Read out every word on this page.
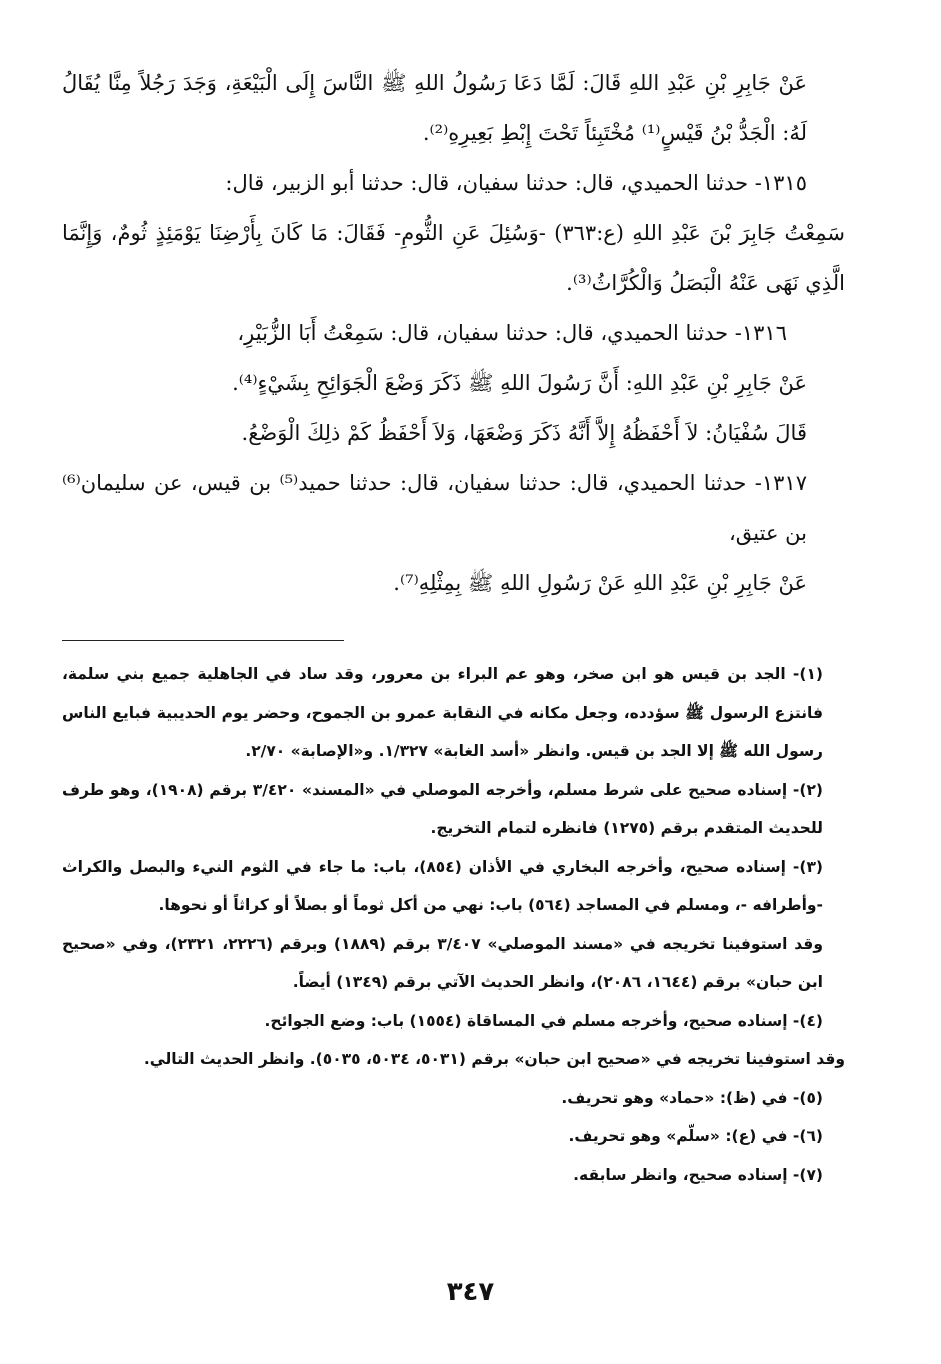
عَنْ جَابِرِ بْنِ عَبْدِ اللهِ قَالَ: لَمَّا دَعَا رَسُولُ اللهِ ﷺ النَّاسَ إِلَى الْبَيْعَةِ، وَجَدَ رَجُلاً مِنَّا يُقَالُ لَهُ: الْجَدُّ بْنُ قَيْسٍ⁽¹⁾ مُخْتَبِئاً تَحْتَ إِبْطِ بَعِيرِهِ⁽²⁾.

١٣١٥- حدثنا الحميدي، قال: حدثنا سفيان، قال: حدثنا أبو الزبير، قال:

سَمِعْتُ جَابِرَ بْنَ عَبْدِ اللهِ (ع:٣٦٣) -وَسُئِلَ عَنِ الثُّومِ- فَقَالَ: مَا كَانَ بِأَرْضِنَا يَوْمَئِذٍ ثُومٌ، وَإِنَّمَا الَّذِي نَهَى عَنْهُ الْبَصَلُ وَالْكُرَّاثُ⁽³⁾.

١٣١٦- حدثنا الحميدي، قال: حدثنا سفيان، قال: سَمِعْتُ أَبَا الزُّبَيْرِ،

عَنْ جَابِرِ بْنِ عَبْدِ اللهِ: أَنَّ رَسُولَ اللهِ ﷺ ذَكَرَ وَضْعَ الْجَوَائِحِ بِشَيْءٍ⁽⁴⁾.

قَالَ سُفْيَانُ: لاَ أَحْفَظُهُ إِلاَّ أَنَّهُ ذَكَرَ وَضْعَهَا، وَلاَ أَحْفَظُ كَمْ ذلِكَ الْوَضْعُ.

١٣١٧- حدثنا الحميدي، قال: حدثنا سفيان، قال: حدثنا حميد⁽⁵⁾ بن قيس، عن سليمان⁽⁶⁾ بن عتيق،

عَنْ جَابِرِ بْنِ عَبْدِ اللهِ عَنْ رَسُولِ اللهِ ﷺ بِمِثْلِهِ⁽⁷⁾.

(١)- الجد بن قيس هو ابن صخر، وهو عم البراء بن معرور، وقد ساد في الجاهلية جميع بني سلمة، فانتزع الرسول ﷺ سؤدده، وجعل مكانه في النقابة عمرو بن الجموح، وحضر يوم الحديبية فبايع الناس رسول الله ﷺ إلا الجد بن قيس. وانظر «أسد الغابة» ١/٣٢٧. و«الإصابة» ٢/٧٠.

(٢)- إسناده صحيح على شرط مسلم، وأخرجه الموصلي في «المسند» ٣/٤٢٠ برقم (١٩٠٨)، وهو طرف للحديث المتقدم برقم (١٢٧٥) فانظره لتمام التخريج.

(٣)- إسناده صحيح، وأخرجه البخاري في الأذان (٨٥٤)، باب: ما جاء في الثوم النيء والبصل والكراث -وأطرافه -، ومسلم في المساجد (٥٦٤) باب: نهي من أكل ثوماً أو بصلاً أو كراثاً أو نحوها.

وقد استوفينا تخريجه في «مسند الموصلي» ٣/٤٠٧ برقم (١٨٨٩) وبرقم (٢٢٢٦، ٢٣٢١)، وفي «صحيح ابن حبان» برقم (١٦٤٤، ٢٠٨٦)، وانظر الحديث الآتي برقم (١٣٤٩) أيضاً.

(٤)- إسناده صحيح، وأخرجه مسلم في المساقاة (١٥٥٤) باب: وضع الجوائح.

وقد استوفينا تخريجه في «صحيح ابن حبان» برقم (٥٠٣١، ٥٠٣٤، ٥٠٣٥). وانظر الحديث التالي.

(٥)- في (ظ): «حماد» وهو تحريف.

(٦)- في (ع): «سلّم» وهو تحريف.

(٧)- إسناده صحيح، وانظر سابقه.

٣٤٧
